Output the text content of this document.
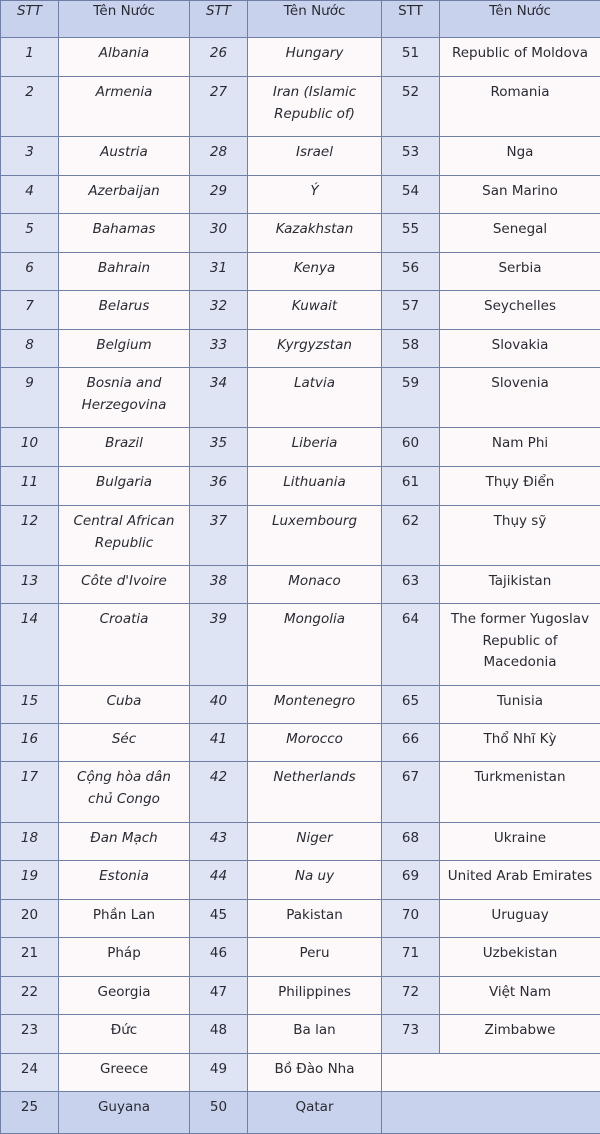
STT	Tên Nước	STT	Tên Nước	STT	Tên Nước
1	Albania	26	Hungary	51	Republic of Moldova
2	Armenia	27	Iran (Islamic Republic of)	52	Romania
3	Austria	28	Israel	53	Nga
4	Azerbaijan	29	Ý	54	San Marino
5	Bahamas	30	Kazakhstan	55	Senegal
6	Bahrain	31	Kenya	56	Serbia
7	Belarus	32	Kuwait	57	Seychelles
8	Belgium	33	Kyrgyzstan	58	Slovakia
9	Bosnia and Herzegovina	34	Latvia	59	Slovenia
10	Brazil	35	Liberia	60	Nam Phi
11	Bulgaria	36	Lithuania	61	Thụy Điển
12	Central African Republic	37	Luxembourg	62	Thụy sỹ
13	Côte d'Ivoire	38	Monaco	63	Tajikistan
14	Croatia	39	Mongolia	64	The former Yugoslav Republic of Macedonia
15	Cuba	40	Montenegro	65	Tunisia
16	Séc	41	Morocco	66	Thổ Nhĩ Kỳ
17	Cộng hòa dân chủ Congo	42	Netherlands	67	Turkmenistan
18	Đan Mạch	43	Niger	68	Ukraine
19	Estonia	44	Na uy	69	United Arab Emirates
20	Phần Lan	45	Pakistan	70	Uruguay
21	Pháp	46	Peru	71	Uzbekistan
22	Georgia	47	Philippines	72	Việt Nam
23	Đức	48	Ba lan	73	Zimbabwe
24	Greece	49	Bồ Đào Nha		
25	Guyana	50	Qatar		
